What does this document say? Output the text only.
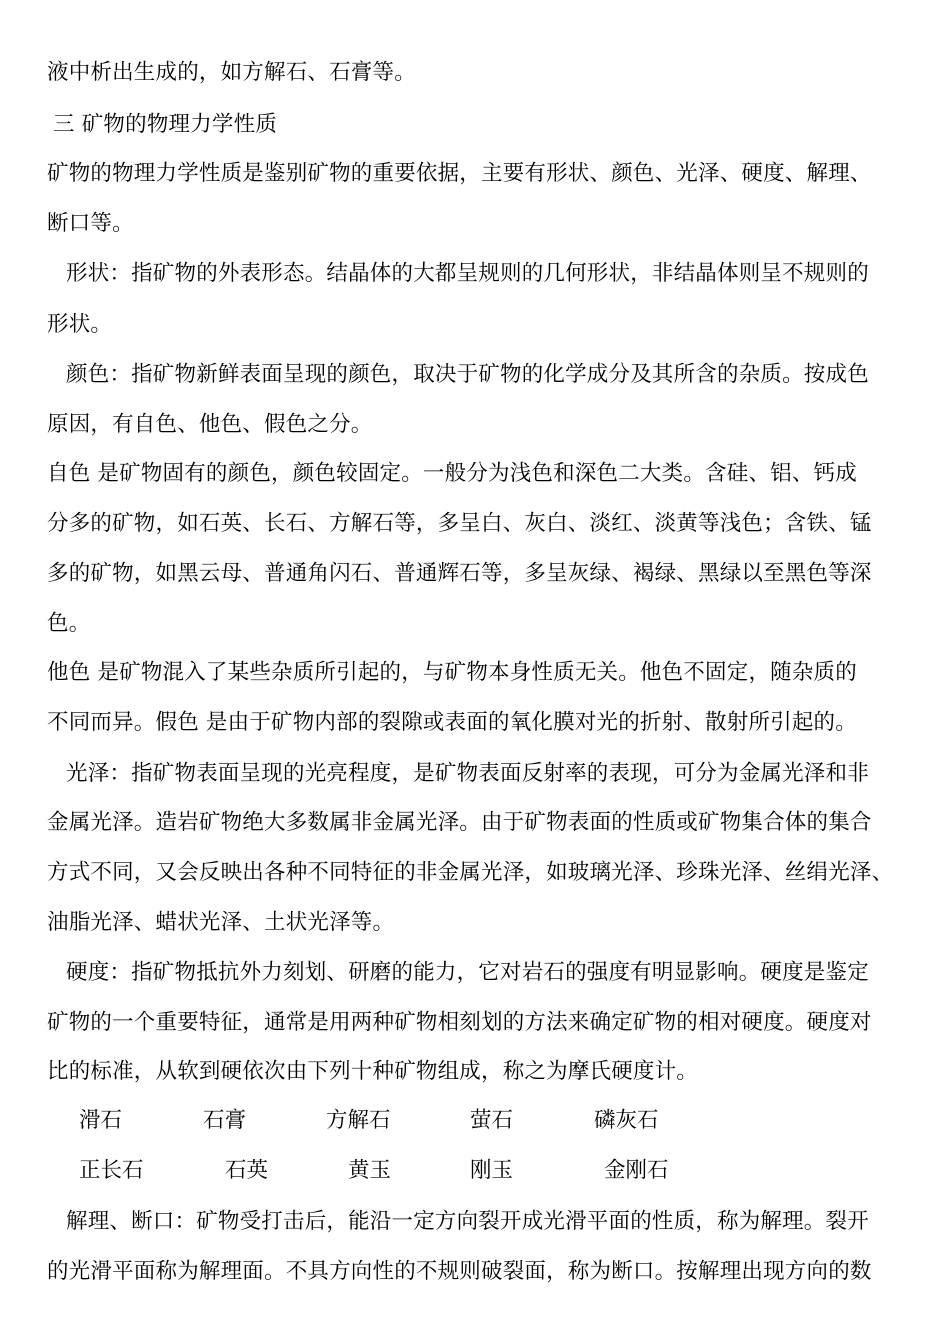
液中析出生成的，如方解石、石膏等。
三 矿物的物理力学性质
矿物的物理力学性质是鉴别矿物的重要依据，主要有形状、颜色、光泽、硬度、解理、
断口等。
形状：指矿物的外表形态。结晶体的大都呈规则的几何形状，非结晶体则呈不规则的
形状。
颜色：指矿物新鲜表面呈现的颜色，取决于矿物的化学成分及其所含的杂质。按成色
原因，有自色、他色、假色之分。
自色 是矿物固有的颜色，颜色较固定。一般分为浅色和深色二大类。含硅、铝、钙成
分多的矿物，如石英、长石、方解石等，多呈白、灰白、淡红、淡黄等浅色；含铁、锰
多的矿物，如黑云母、普通角闪石、普通辉石等，多呈灰绿、褐绿、黑绿以至黑色等深
色。
他色 是矿物混入了某些杂质所引起的，与矿物本身性质无关。他色不固定，随杂质的
不同而异。假色 是由于矿物内部的裂隙或表面的氧化膜对光的折射、散射所引起的。
光泽：指矿物表面呈现的光亮程度，是矿物表面反射率的表现，可分为金属光泽和非
金属光泽。造岩矿物绝大多数属非金属光泽。由于矿物表面的性质或矿物集合体的集合
方式不同，又会反映出各种不同特征的非金属光泽，如玻璃光泽、珍珠光泽、丝绢光泽、
油脂光泽、蜡状光泽、土状光泽等。
硬度：指矿物抵抗外力刻划、研磨的能力，它对岩石的强度有明显影响。硬度是鉴定
矿物的一个重要特征，通常是用两种矿物相刻划的方法来确定矿物的相对硬度。硬度对
比的标准，从软到硬依次由下列十种矿物组成，称之为摩氏硬度计。
滑石	石膏	方解石	萤石	磷灰石
正长石	石英	黄玉	刚玉	金刚石
解理、断口：矿物受打击后，能沿一定方向裂开成光滑平面的性质，称为解理。裂开
的光滑平面称为解理面。不具方向性的不规则破裂面，称为断口。按解理出现方向的数
